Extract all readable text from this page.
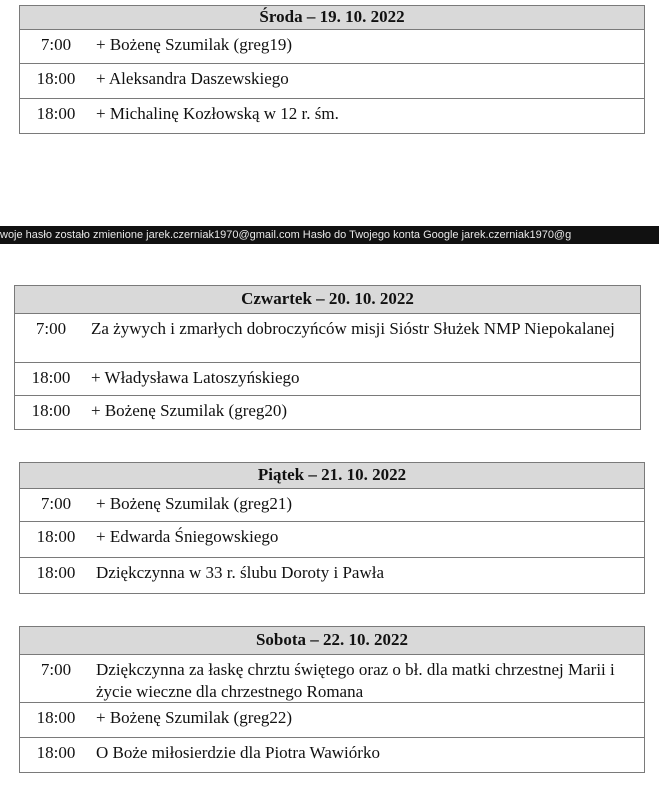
Środa – 19. 10. 2022
7:00	+ Bożenę Szumilak (greg19)
18:00	+ Aleksandra Daszewskiego
18:00	+ Michalinę Kozłowską w 12 r. śm.
woje hasło zostało zmienione jarek.czerniak1970@gmail.com Hasło do Twojego konta Google jarek.czerniak1970@g
Czwartek – 20. 10. 2022
7:00	Za żywych i zmarłych dobroczyńców misji Sióstr Służek NMP Niepokalanej
18:00	+ Władysława Latoszyńskiego
18:00	+ Bożenę Szumilak (greg20)
Piątek – 21. 10. 2022
7:00	+ Bożenę Szumilak (greg21)
18:00	+ Edwarda Śniegowskiego
18:00	Dziękczynna w 33 r. ślubu Doroty i Pawła
Sobota – 22. 10. 2022
7:00	Dziękczynna za łaskę chrztu świętego oraz o bł. dla matki chrzestnej Marii i życie wieczne dla chrzestnego Romana
18:00	+ Bożenę Szumilak (greg22)
18:00	O Boże miłosierdzie dla Piotra Wawiórko
